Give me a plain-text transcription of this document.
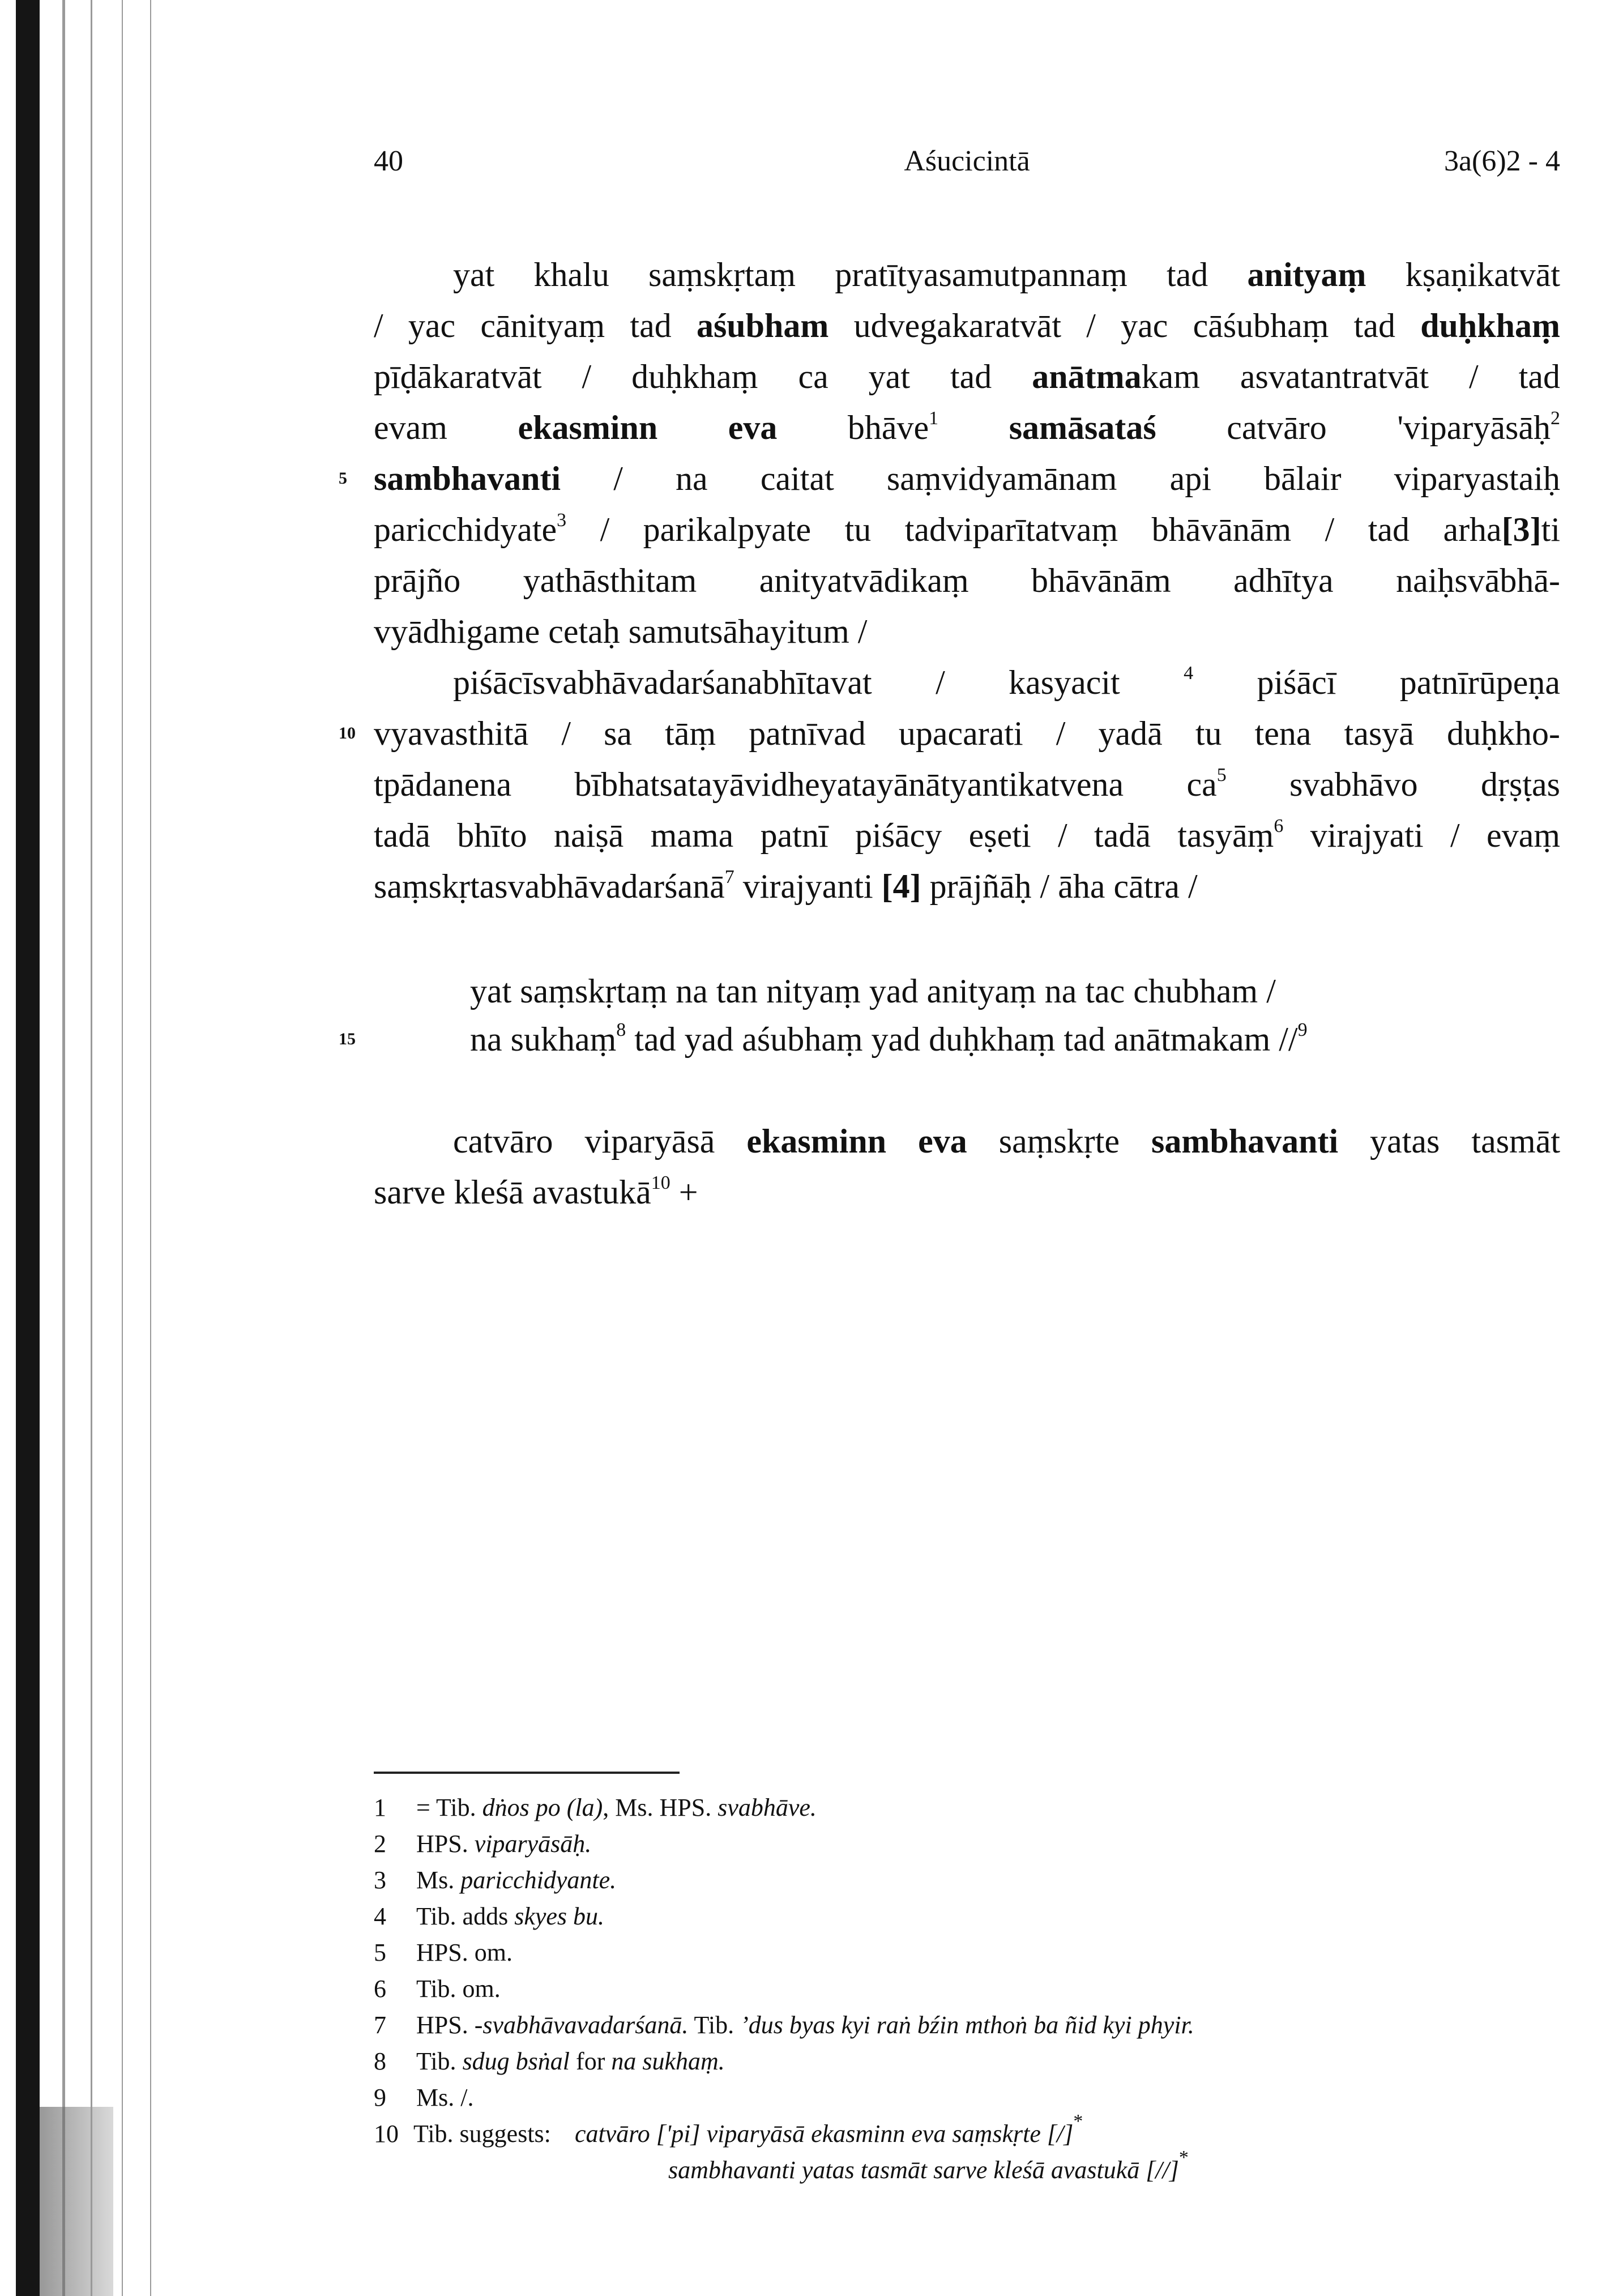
40	Aśucicintā	3a(6)2 - 4
yat khalu saṃskṛtaṃ pratītyasamutpannaṃ tad anityaṃ kṣaṇikatvāt
/ yac cānityaṃ tad aśubham udvegakaratvāt / yac cāśubhaṃ tad duḥkhaṃ
pīḍākaratvāt / duḥkhaṃ ca yat tad anātmakam asvatantratvāt / tad
evam ekasminn eva bhāve$^1$ samāsataś catvāro 'viparyāsāḥ$^2$
5 sambhavanti / na caitat saṃvidyamānam api bālair viparyastaiḥ
paricchidyate$^3$ / parikalpyate tu tadviparītatvaṃ bhāvānām / tad arha[3]ti
prājño yathāsthitam anityatvādikaṃ bhāvānām adhītya naiḥsvābhā-
vyādhigame cetaḥ samutsāhayitum /
piśācīsvabhāvadarśanabhītavat / kasyacit $^4$ piśācī patnīrūpeṇa
10 vyavasthitā / sa tāṃ patnīvad upacarati / yadā tu tena tasyā duḥkho-
tpādanena bībhatsatayāvidheyatayānātyantikatvena $ca^5$ svabhāvo dṛṣṭas
tadā bhīto naiṣā mama patnī piśācy eṣeti / tadā tasyāṃ$^6$ virajyati / evaṃ
saṃskṛtasvabhāvadarśanā$^7$ virajyanti [4] prājñāḥ / āha cātra /
yat saṃskṛtaṃ na tan nityaṃ yad anityaṃ na tac chubham /
15	na sukhaṃ$^8$ tad yad aśubhaṃ yad duḥkhaṃ tad anātmakam //$^9$
catvāro viparyāsā ekasminn eva saṃskṛte sambhavanti yatas tasmāt
sarve kleśā avastukā$^{10}$ +
1 = Tib. dṅos po (la), Ms. HPS. svabhāve.
2 HPS. viparyāsāḥ.
3 Ms. paricchidyante.
4 Tib. adds skyes bu.
5 HPS. om.
6 Tib. om.
7 HPS. -svabhāvavadarśanā. Tib. ’dus byas kyi raṅ bźin mthoṅ ba ñid kyi phyir.
8 Tib. sdug bsṅal for na sukhaṃ.
9 Ms. /.
10 Tib. suggests: catvāro ['pi] viparyāsā ekasminn eva saṃskṛte [/]*
sambhavanti yatas tasmāt sarve kleśā avastukā [//]*
